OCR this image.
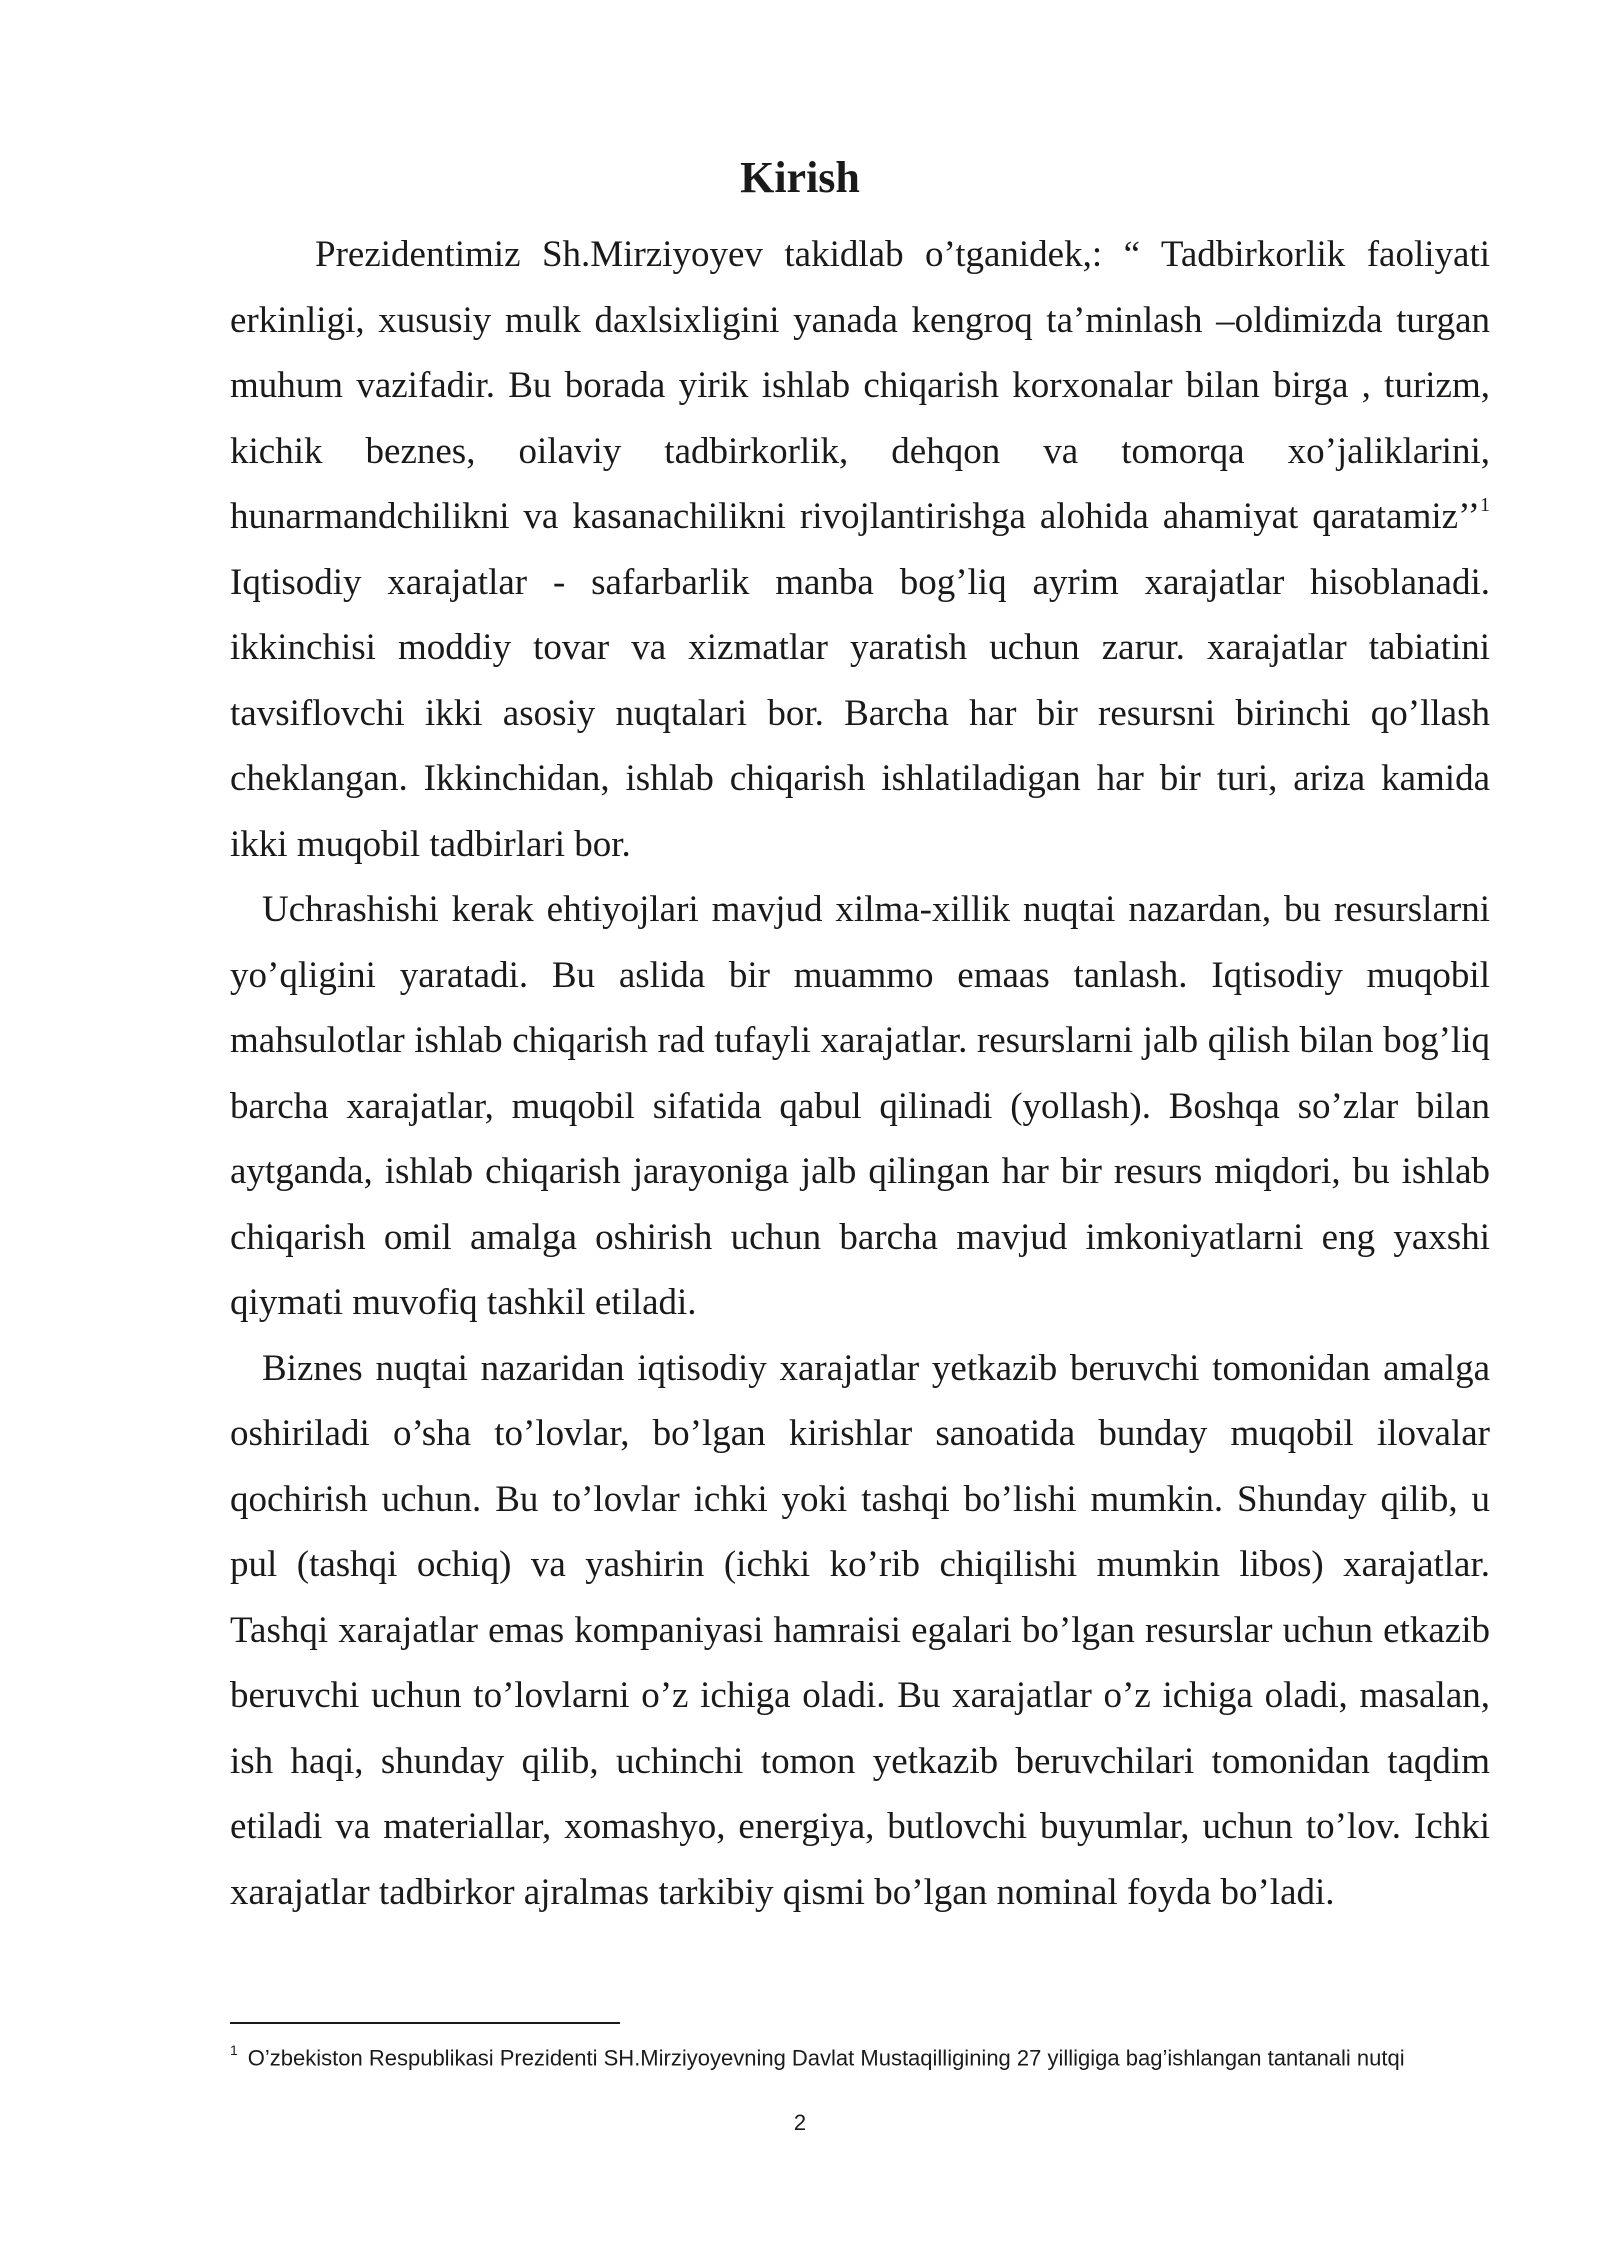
Kirish

Prezidentimiz Sh.Mirziyoyev takidlab o’tganidek,: “ Tadbirkorlik faoliyati erkinligi, xususiy mulk daxlsixligini yanada kengroq ta’minlash –oldimizda turgan muhum vazifadir. Bu borada yirik ishlab chiqarish korxonalar bilan birga , turizm, kichik beznes, oilaviy tadbirkorlik, dehqon va tomorqa xo’jaliklarini, hunarmandchilikni va kasanachilikni rivojlantirishga alohida ahamiyat qaratamiz’’$^1$ Iqtisodiy xarajatlar - safarbarlik manba bog’liq ayrim xarajatlar hisoblanadi. ikkinchisi moddiy tovar va xizmatlar yaratish uchun zarur. xarajatlar tabiatini tavsiflovchi ikki asosiy nuqtalari bor. Barcha har bir resursni birinchi qo’llash cheklangan. Ikkinchidan, ishlab chiqarish ishlatiladigan har bir turi, ariza kamida ikki muqobil tadbirlari bor.

Uchrashishi kerak ehtiyojlari mavjud xilma-xillik nuqtai nazardan, bu resurslarni yo’qligini yaratadi. Bu aslida bir muammo emaas tanlash. Iqtisodiy muqobil mahsulotlar ishlab chiqarish rad tufayli xarajatlar. resurslarni jalb qilish bilan bog’liq barcha xarajatlar, muqobil sifatida qabul qilinadi (yollash). Boshqa so’zlar bilan aytganda, ishlab chiqarish jarayoniga jalb qilingan har bir resurs miqdori, bu ishlab chiqarish omil amalga oshirish uchun barcha mavjud imkoniyatlarni eng yaxshi qiymati muvofiq tashkil etiladi.

Biznes nuqtai nazaridan iqtisodiy xarajatlar yetkazib beruvchi tomonidan amalga oshiriladi o’sha to’lovlar, bo’lgan kirishlar sanoatida bunday muqobil ilovalar qochirish uchun. Bu to’lovlar ichki yoki tashqi bo’lishi mumkin. Shunday qilib, u pul (tashqi ochiq) va yashirin (ichki ko’rib chiqilishi mumkin libos) xarajatlar. Tashqi xarajatlar emas kompaniyasi hamraisi egalari bo’lgan resurslar uchun etkazib beruvchi uchun to’lovlarni o’z ichiga oladi. Bu xarajatlar o’z ichiga oladi, masalan, ish haqi, shunday qilib, uchinchi tomon yetkazib beruvchilari tomonidan taqdim etiladi va materiallar, xomashyo, energiya, butlovchi buyumlar, uchun to’lov. Ichki xarajatlar tadbirkor ajralmas tarkibiy qismi bo’lgan nominal foyda bo’ladi.

$^1$ O’zbekiston Respublikasi Prezidenti SH.Mirziyoyevning Davlat Mustaqilligining 27 yilligiga bag’ishlangan tantanali nutqi
2
